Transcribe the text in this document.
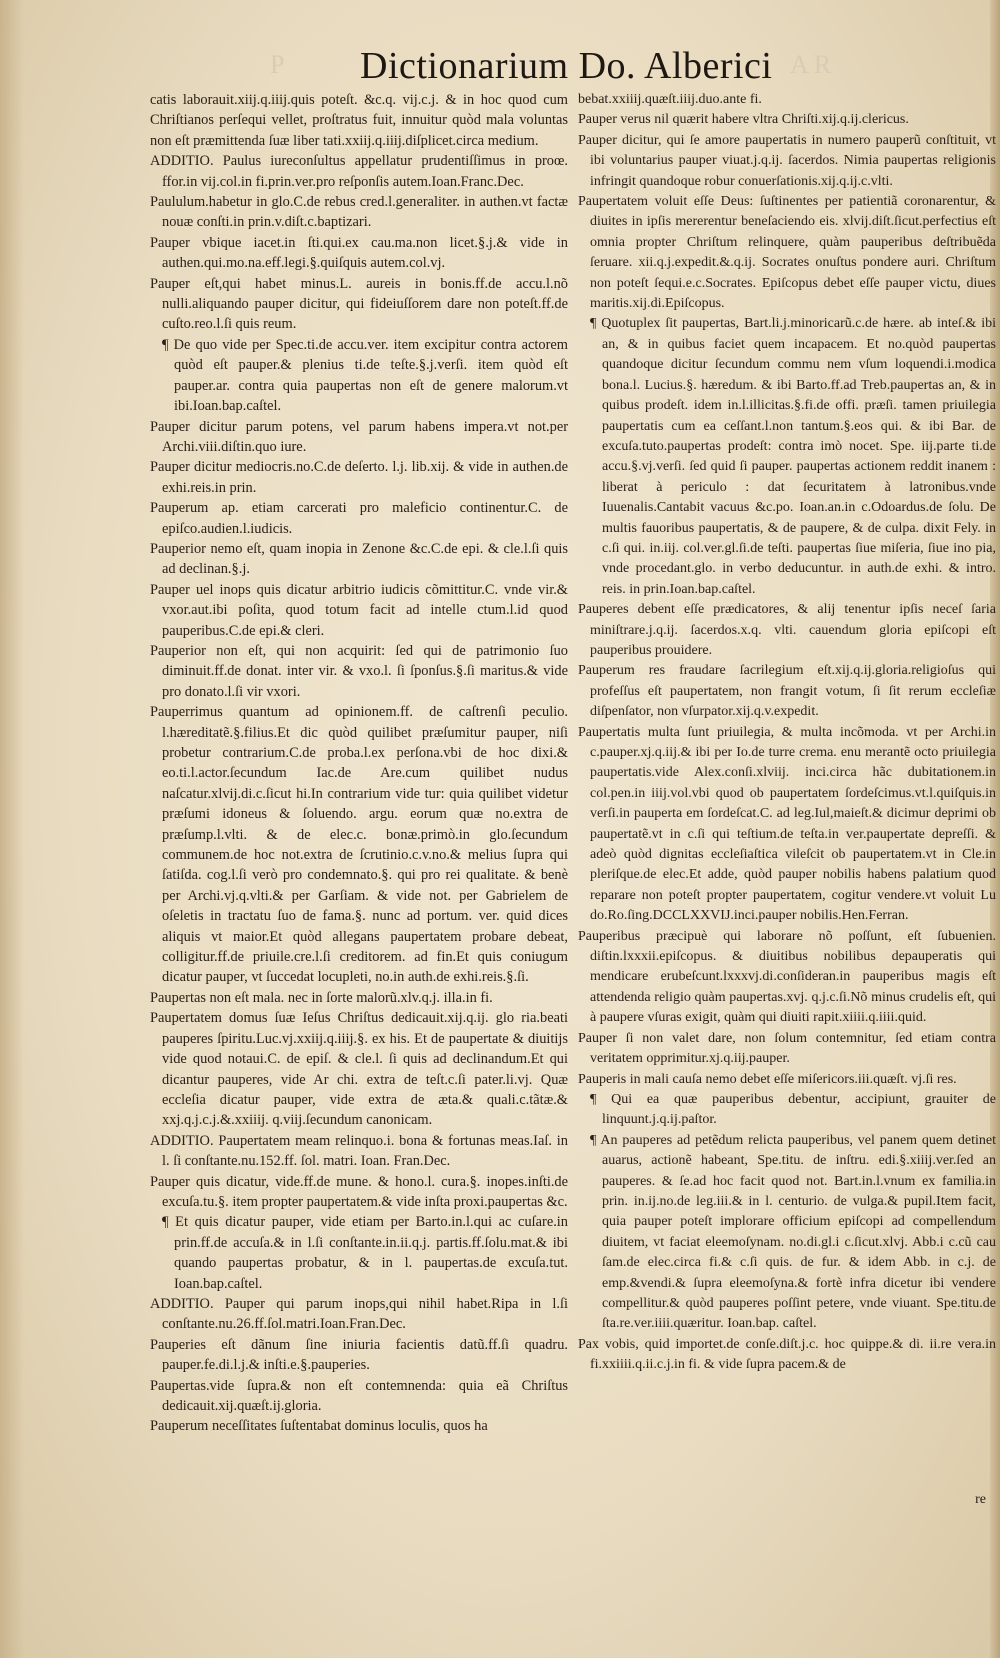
P Dictionarium Do. Alberici A R

catis laborauit.xiij.q.iiij.quis poteſt. &c.q. vij.c.j. & in hoc quod cum Chriſtianos perſequi vellet, proſtratus fuit, innuitur quòd mala voluntas non eſt præmittenda ſuæ liber tati.xxiij.q.iiij.diſplicet.circa medium.

ADDITIO. Paulus iureconſultus appellatur prudentiſſimus in proœ. ffor.in vij.col.in fi.prin.ver.pro reſponſis autem.Ioan.Franc.Dec.

Paululum.habetur in glo.C.de rebus cred.l.generaliter. in authen.vt factæ nouæ conſti.in prin.v.diſt.c.baptizari.

Pauper vbique iacet.in ſti.qui.ex cau.ma.non licet.§.j.& vide in authen.qui.mo.na.eff.legi.§.quiſquis autem.col.vj.

Pauper eſt,qui habet minus.L. aureis in bonis.ff.de accu.l.nõ nulli.aliquando pauper dicitur, qui fideiuſſorem dare non poteſt.ff.de cuſto.reo.l.ſi quis reum.

¶ De quo vide per Spec.ti.de accu.ver. item excipitur contra actorem quòd eſt pauper.& plenius ti.de teſte.§.j.verſi. item quòd eſt pauper.ar. contra quia paupertas non eſt de genere malorum.vt ibi.Ioan.bap.caſtel.

Pauper dicitur parum potens, vel parum habens impera.vt not.per Archi.viii.diſtin.quo iure.

Pauper dicitur mediocris.no.C.de deſerto. l.j. lib.xij. & vide in authen.de exhi.reis.in prin.

Pauperum ap. etiam carcerati pro maleficio continentur.C. de epiſco.audien.l.iudicis.

Pauperior nemo eſt, quam inopia in Zenone &c.C.de epi. & cle.l.ſi quis ad declinan.§.j.

Pauper uel inops quis dicatur arbitrio iudicis cõmittitur.C. vnde vir.& vxor.aut.ibi poſita, quod totum facit ad intelle ctum.l.id quod pauperibus.C.de epi.& cleri.

Pauperior non eſt, qui non acquirit: ſed qui de patrimonio ſuo diminuit.ff.de donat. inter vir. & vxo.l. ſi ſponſus.§.ſi maritus.& vide pro donato.l.ſi vir vxori.

Pauperrimus quantum ad opinionem.ff. de caſtrenſi peculio. l.hæreditatẽ.§.filius.Et dic quòd quilibet præſumitur pauper, niſi probetur contrarium.C.de proba.l.ex perſona.vbi de hoc dixi.& eo.ti.l.actor.ſecundum Iac.de Are.cum quilibet nudus naſcatur.xlvij.di.c.ſicut hi.In contrarium vide tur: quia quilibet videtur præſumi idoneus & ſoluendo. argu. eorum quæ no.extra de præſump.l.vlti. & de elec.c. bonæ.primò.in glo.ſecundum communem.de hoc not.extra de ſcrutinio.c.v.no.& melius ſupra qui ſatiſda. cog.l.ſi verò pro condemnato.§. qui pro rei qualitate. & benè per Archi.vj.q.vlti.& per Garſiam. & vide not. per Gabrielem de oſeletis in tractatu ſuo de fama.§. nunc ad portum. ver. quid dices aliquis vt maior.Et quòd allegans paupertatem probare debeat, colligitur.ff.de priuile.cre.l.ſi creditorem. ad fin.Et quis coniugum dicatur pauper, vt ſuccedat locupleti, no.in auth.de exhi.reis.§.ſi.

Paupertas non eſt mala. nec in ſorte malorũ.xlv.q.j. illa.in fi.

Paupertatem domus ſuæ Ieſus Chriſtus dedicauit.xij.q.ij. glo ria.beati pauperes ſpiritu.Luc.vj.xxiij.q.iiij.§. ex his. Et de paupertate & diuitijs vide quod notaui.C. de epiſ. & cle.l. ſi quis ad declinandum.Et qui dicantur pauperes, vide Ar chi. extra de teſt.c.ſi pater.li.vj. Quæ eccleſia dicatur pauper, vide extra de æta.& quali.c.tãtæ.& xxj.q.j.c.j.&.xxiiij. q.viij.ſecundum canonicam.

ADDITIO. Paupertatem meam relinquo.i. bona & fortunas meas.Iaſ. in l. ſi conſtante.nu.152.ff. ſol. matri. Ioan. Fran.Dec.

Pauper quis dicatur, vide.ff.de mune. & hono.l. cura.§. inopes.inſti.de excuſa.tu.§. item propter paupertatem.& vide inſta proxi.paupertas &c.

¶ Et quis dicatur pauper, vide etiam per Barto.in.l.qui ac cuſare.in prin.ff.de accuſa.& in l.ſi conſtante.in.ii.q.j. partis.ff.ſolu.mat.& ibi quando paupertas probatur, & in l. paupertas.de excuſa.tut. Ioan.bap.caſtel.

ADDITIO. Pauper qui parum inops,qui nihil habet.Ripa in l.ſi conſtante.nu.26.ff.ſol.matri.Ioan.Fran.Dec.

Pauperies eſt dãnum ſine iniuria facientis datũ.ff.ſi quadru. pauper.fe.di.l.j.& inſti.e.§.pauperies.

Paupertas.vide ſupra.& non eſt contemnenda: quia eã Chriſtus dedicauit.xij.quæſt.ij.gloria.

Pauperum neceſſitates ſuſtentabat dominus loculis, quos ha

bebat.xxiiij.quæſt.iiij.duo.ante fi.

Pauper verus nil quærit habere vltra Chriſti.xij.q.ij.clericus.

Pauper dicitur, qui ſe amore paupertatis in numero pauperũ conſtituit, vt ibi voluntarius pauper viuat.j.q.ij. ſacerdos. Nimia paupertas religionis infringit quandoque robur conuerſationis.xij.q.ij.c.vlti.

Paupertatem voluit eſſe Deus: ſuſtinentes per patientiã coronarentur, & diuites in ipſis mererentur beneſaciendo eis. xlvij.diſt.ſicut.perfectius eſt omnia propter Chriſtum relinquere, quàm pauperibus deſtribuẽda ſeruare. xii.q.j.expedit.&.q.ij. Socrates onuſtus pondere auri. Chriſtum non poteſt ſequi.e.c.Socrates. Epiſcopus debet eſſe pauper victu, diues maritis.xij.di.Epiſcopus.

¶ Quotuplex ſit paupertas, Bart.li.j.minoricarũ.c.de hære. ab inteſ.& ibi an, & in quibus faciet quem incapacem. Et no.quòd paupertas quandoque dicitur ſecundum commu nem vſum loquendi.i.modica bona.l. Lucius.§. hæredum. & ibi Barto.ff.ad Treb.paupertas an, & in quibus prodeſt. idem in.l.illicitas.§.fi.de offi. præſi. tamen priuilegia paupertatis cum ea ceſſant.l.non tantum.§.eos qui. & ibi Bar. de excuſa.tuto.paupertas prodeſt: contra imò nocet. Spe. iij.parte ti.de accu.§.vj.verſi. ſed quid ſi pauper. paupertas actionem reddit inanem : liberat à periculo : dat ſecuritatem à latronibus.vnde Iuuenalis.Cantabit vacuus &c.po. Ioan.an.in c.Odoardus.de ſolu. De multis fauoribus paupertatis, & de paupere, & de culpa. dixit Fely. in c.ſi qui. in.iij. col.ver.gl.ſi.de teſti. paupertas ſiue miſeria, ſiue ino pia, vnde procedant.glo. in verbo deducuntur. in auth.de exhi. & intro. reis. in prin.Ioan.bap.caſtel.

Pauperes debent eſſe prædicatores, & alij tenentur ipſis neceſ ſaria miniſtrare.j.q.ij. ſacerdos.x.q. vlti. cauendum gloria epiſcopi eſt pauperibus prouidere.

Pauperum res fraudare ſacrilegium eſt.xij.q.ij.gloria.religioſus qui profeſſus eſt paupertatem, non frangit votum, ſi ſit rerum eccleſiæ diſpenſator, non vſurpator.xij.q.v.expedit.

Paupertatis multa ſunt priuilegia, & multa incõmoda. vt per Archi.in c.pauper.xj.q.iij.& ibi per Io.de turre crema. enu merantẽ octo priuilegia paupertatis.vide Alex.conſi.xlviij. inci.circa hãc dubitationem.in col.pen.in iiij.vol.vbi quod ob paupertatem ſordeſcimus.vt.l.quiſquis.in verſi.in pauperta em ſordeſcat.C. ad leg.Iul,maieſt.& dicimur deprimi ob paupertatẽ.vt in c.ſi qui teſtium.de teſta.in ver.paupertate depreſſi. & adeò quòd dignitas eccleſiaſtica vileſcit ob paupertatem.vt in Cle.in pleriſque.de elec.Et adde, quòd pauper nobilis habens palatium quod reparare non poteſt propter paupertatem, cogitur vendere.vt voluit Lu do.Ro.ſing.DCCLXXVIJ.inci.pauper nobilis.Hen.Ferran.

Pauperibus præcipuè qui laborare nõ poſſunt, eſt ſubuenien. diſtin.lxxxii.epiſcopus. & diuitibus nobilibus depauperatis qui mendicare erubeſcunt.lxxxvj.di.conſideran.in pauperibus magis eſt attendenda religio quàm paupertas.xvj. q.j.c.ſi.Nõ minus crudelis eſt, qui à paupere vſuras exigit, quàm qui diuiti rapit.xiiii.q.iiii.quid.

Pauper ſi non valet dare, non ſolum contemnitur, ſed etiam contra veritatem opprimitur.xj.q.iij.pauper.

Pauperis in mali cauſa nemo debet eſſe miſericors.iii.quæſt. vj.ſi res.

¶ Qui ea quæ pauperibus debentur, accipiunt, grauiter de linquunt.j.q.ij.paſtor.

¶ An pauperes ad petẽdum relicta pauperibus, vel panem quem detinet auarus, actionẽ habeant, Spe.titu. de inſtru. edi.§.xiiij.ver.ſed an pauperes. & ſe.ad hoc facit quod not. Bart.in.l.vnum ex familia.in prin. in.ij.no.de leg.iii.& in l. centurio. de vulga.& pupil.Item facit, quia pauper poteſt implorare officium epiſcopi ad compellendum diuitem, vt faciat eleemoſynam. no.di.gl.i c.ſicut.xlvj. Abb.i c.cũ cau ſam.de elec.circa fi.& c.ſi quis. de fur. & idem Abb. in c.j. de emp.&vendi.& ſupra eleemoſyna.& fortè infra dicetur ibi vendere compellitur.& quòd pauperes poſſint petere, vnde viuant. Spe.titu.de ſta.re.ver.iiii.quæritur. Ioan.bap. caſtel.

Pax vobis, quid importet.de conſe.diſt.j.c. hoc quippe.& di. ii.re vera.in fi.xxiiii.q.ii.c.j.in fi. & vide ſupra pacem.& de

re
